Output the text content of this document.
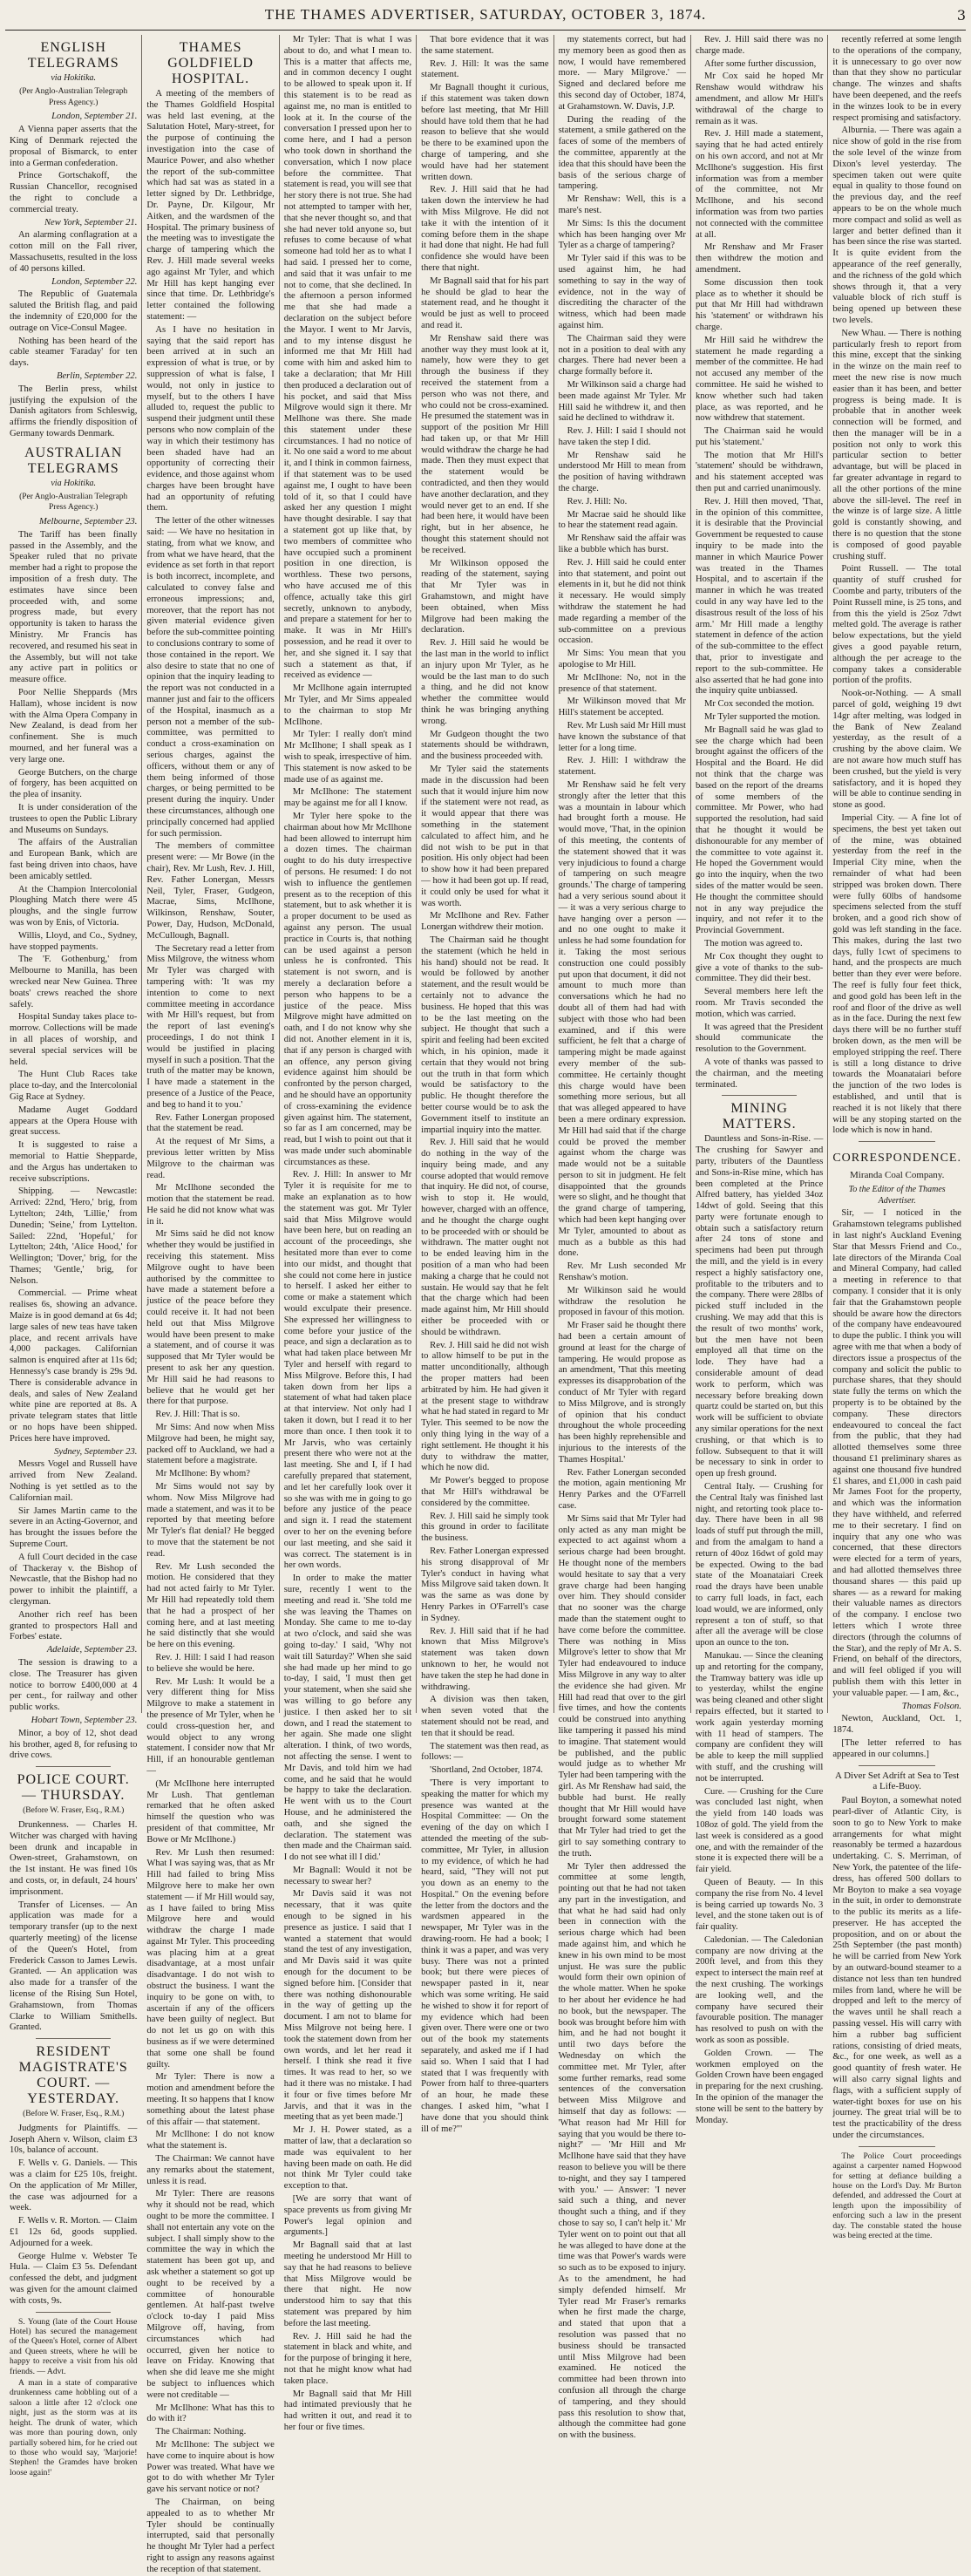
THE THAMES ADVERTISER, SATURDAY, OCTOBER 3, 1874.	3
ENGLISH TELEGRAMS
via Hokitika.
(Per Anglo-Australian Telegraph Press Agency.)
London, September 21.

A Vienna paper asserts that the King of Denmark rejected the proposal of Bismarck, to enter into a German confederation.

Prince Gortschakoff, the Russian Chancellor, recognised the right to conclude a commercial treaty.

New York, September 21.

An alarming conflagration at a cotton mill on the Fall river, Massachusetts, resulted in the loss of 40 persons killed.

London, September 22.

The Republic of Guatemala saluted the British flag, and paid the indemnity of £20,000 for the outrage on Vice-Consul Magee.

Nothing has been heard of the cable steamer 'Faraday' for ten days.

Berlin, September 22.

The Berlin press, whilst justifying the expulsion of the Danish agitators from Schleswig, affirms the friendly disposition of Germany towards Denmark.

AUSTRALIAN TELEGRAMS
via Hokitika.
(Per Anglo-Australian Telegraph Press Agency.)
Melbourne, September 23.

The Tariff has been finally passed in the Assembly, and the Speaker ruled that no private member had a right to propose the imposition of a fresh duty. The estimates have since been proceeded with, and some progress made, but every opportunity is taken to harass the Ministry. Mr Francis has recovered, and resumed his seat in the Assembly, but will not take any active part in politics or measure office.

Poor Nellie Sheppards (Mrs Hallam), whose incident is now with the Alma Opera Company in New Zealand, is dead from her confinement. She is much mourned, and her funeral was a very large one.

George Butchers, on the charge of forgery, has been acquitted on the plea of insanity.

It is under consideration of the trustees to open the Public Library and Museums on Sundays.

The affairs of the Australian and European Bank, which are fast being driven into chaos, have been amicably settled.

At the Champion Intercolonial Ploughing Match there were 45 ploughs, and the single furrow was won by Enis, of Victoria.

Willis, Lloyd, and Co., Sydney, have stopped payments.

The 'F. Gothenburg,' from Melbourne to Manilla, has been wrecked near New Guinea. Three boats' crews reached the shore safely.

Hospital Sunday takes place to-morrow. Collections will be made in all places of worship, and several special services will be held.

The Hunt Club Races take place to-day, and the Intercolonial Gig Race at Sydney.

Madame Auget Goddard appears at the Opera House with great success.

It is suggested to raise a memorial to Hattie Shepparde, and the Argus has undertaken to receive subscriptions.

Shipping. — Newcastle: Arrived: 22nd, 'Hero,' brig, from Lyttelton; 24th, 'Lillie,' from Dunedin; 'Seine,' from Lyttelton. Sailed: 22nd, 'Hopeful,' for Lyttelton; 24th, 'Alice Hood,' for Wellington; 'Dover,' brig, for the Thames; 'Gentle,' brig, for Nelson.

Commercial. — Prime wheat realises 6s, showing an advance. Maize is in good demand at 6s 4d; large sales of new teas have taken place, and recent arrivals have 4,000 packages. Californian salmon is enquired after at 11s 6d; Hennessy's case brandy is 29s 9d. There is considerable advance in deals, and sales of New Zealand white pine are reported at 8s. A private telegram states that little or no hops have been shipped. Prices here have improved.

Sydney, September 23.

Messrs Vogel and Russell have arrived from New Zealand. Nothing is yet settled as to the Californian mail.

Sir James Martin came to the severe in an Acting-Governor, and has brought the issues before the Supreme Court.

A full Court decided in the case of Thackeray v. the Bishop of Newcastle, that the Bishop had no power to inhibit the plaintiff, a clergyman.

Another rich reef has been granted to prospectors Hall and Forbes' estate.

Adelaide, September 23.

The session is drawing to a close. The Treasurer has given notice to borrow £400,000 at 4 per cent., for railway and other public works.

Hobart Town, September 23.

Minor, a boy of 12, shot dead his brother, aged 8, for refusing to drive cows.

POLICE COURT. — THURSDAY.
(Before W. Fraser, Esq., R.M.)

Drunkenness. — Charles H. Witcher was charged with having been drunk and incapable in Owen-street, Grahamstown, on the 1st instant. He was fined 10s and costs, or, in default, 24 hours' imprisonment.

Transfer of Licenses. — An application was made for a temporary transfer (up to the next quarterly meeting) of the license of the Queen's Hotel, from Frederick Casson to James Lewis. Granted. — An application was also made for a transfer of the license of the Rising Sun Hotel, Grahamstown, from Thomas Clarke to William Smithells. Granted.

RESIDENT MAGISTRATE'S COURT. — YESTERDAY.
(Before W. Fraser, Esq., R.M.)

Judgments for Plaintiffs. — Joseph Ahern v. Wilson, claim £3 10s, balance of account.

F. Wells v. G. Daniels. — This was a claim for £25 10s, freight. On the application of Mr Miller, the case was adjourned for a week.

F. Wells v. R. Morton. — Claim £1 12s 6d, goods supplied. Adjourned for a week.

George Hulme v. Webster Te Hula. — Claim £3 5s. Defendant confessed the debt, and judgment was given for the amount claimed with costs, 9s.

S. Young (late of the Court House Hotel) has secured the management of the Queen's Hotel, corner of Albert and Queen streets, where he will be happy to receive a visit from his old friends. — Advt.

A man in a state of comparative drunkenness came hobbling out of a saloon a little after 12 o'clock one night, just as the storm was at its height. The drunk of water, which was more than pouring down, only partially sobered him, for he cried out to those who would say, 'Marjorie! Stephen! the Gramdes have broken loose again!'

THAMES GOLDFIELD HOSPITAL.

A meeting of the members of the Thames Goldfield Hospital was held last evening, at the Salutation Hotel, Mary-street, for the purpose of continuing the investigation into the case of Maurice Power, and also whether the report of the sub-committee which had sat was as stated in a letter signed by Dr. Lethbridge, Dr. Payne, Dr. Kilgour, Mr Aitken, and the wardsmen of the Hospital. The primary business of the meeting was to investigate the charge of tampering which the Rev. J. Hill made several weeks ago against Mr Tyler, and which Mr Hill has kept hanging ever since that time. Dr. Lethbridge's letter contained the following statement: —

As I have no hesitation in saying that the said report has been arrived at in such an expression of what is true, or by suppression of what is false, I would, not only in justice to myself, but to the others I have alluded to, request the public to suspend their judgment until these persons who now complain of the way in which their testimony has been shaded have had an opportunity of correcting their evidence, and those against whom charges have been brought have had an opportunity of refuting them.

The letter of the other witnesses said: — We have no hesitation in stating, from what we know, and from what we have heard, that the evidence as set forth in that report is both incorrect, incomplete, and calculated to convey false and erroneous impressions; and, moreover, that the report has not given material evidence given before the sub-committee pointing to conclusions contrary to some of those contained in the report. We also desire to state that no one of opinion that the inquiry leading to the report was not conducted in a manner just and fair to the officers of the Hospital, inasmuch as a person not a member of the sub-committee, was permitted to conduct a cross-examination on serious charges, against the officers, without them or any of them being informed of those charges, or being permitted to be present during the inquiry. Under these circumstances, although one principally concerned had applied for such permission.

The members of committee present were: — Mr Bowe (in the chair), Rev. Mr Lush, Rev. J. Hill, Rev. Father Lonergan, Messrs Neil, Tyler, Fraser, Gudgeon, Macrae, Sims, McIlhone, Wilkinson, Renshaw, Souter, Power, Day, Hudson, McDonald, McCullough, Bagnall.

The Secretary read a letter from Miss Milgrove, the witness whom Mr Tyler was charged with tampering with: 'It was my intention to come to next committee meeting in accordance with Mr Hill's request, but from the report of last evening's proceedings, I do not think I would be justified in placing myself in such a position. That the truth of the matter may be known, I have made a statement in the presence of a Justice of the Peace, and beg to hand it to you.'

Rev. Father Lonergan proposed that the statement be read.

At the request of Mr Sims, a previous letter written by Miss Milgrove to the chairman was read.

Mr McIlhone seconded the motion that the statement be read. He said he did not know what was in it.

Mr Sims said he did not know whether they would be justified in receiving this statement. Miss Milgrove ought to have been authorised by the committee to have made a statement before a justice of the peace before they could receive it. It had not been held out that Miss Milgrove would have been present to make a statement, and of course it was supposed that Mr Tyler would be present to ask her any question. Mr Hill said he had reasons to believe that he would get her there for that purpose.

Rev. J. Hill: That is so.

Mr Sims: And now when Miss Milgrove had been, he might say, packed off to Auckland, we had a statement before a magistrate.

Mr McIlhone: By whom?

Mr Sims would not say by whom. Now Miss Milgrove had made a statement, and was it to be reported by that meeting before Mr Tyler's flat denial? He begged to move that the statement be not read.

Rev. Mr Lush seconded the motion. He considered that they had not acted fairly to Mr Tyler. Mr Hill had repeatedly told them that he had a prospect of her coming here, and at last meeting he said distinctly that she would be here on this evening.

Rev. J. Hill: I said I had reason to believe she would be here.

Rev. Mr Lush: It would be a very different thing for Miss Milgrove to make a statement in the presence of Mr Tyler, when he could cross-question her, and would object to any wrong statement. I consider now that Mr Hill, if an honourable gentleman —

(Mr McIlhone here interrupted Mr Lush. That gentleman remarked that he often asked himself the question who was president of that committee, Mr Bowe or Mr McIlhone.)

Rev. Mr Lush then resumed: What I was saying was, that as Mr Hill had failed to bring Miss Milgrove here to make her own statement — if Mr Hill would say, as I have failed to bring Miss Milgrove here and would withdraw the charge I made against Mr Tyler. This proceeding was placing him at a great disadvantage, at a most unfair disadvantage. I do not wish to obstruct the business. I want the inquiry to be gone on with, to ascertain if any of the officers have been guilty of neglect. But do not let us go on with this business as if we were determined that some one shall be found guilty.

Mr Tyler: There is now a motion and amendment before the meeting. It so happens that I know something about the latest phase of this affair — that statement.

Mr McIlhone: I do not know what the statement is.

The Chairman: We cannot have any remarks about the statement, unless it is read.

Mr Tyler: There are reasons why it should not be read, which ought to be more the committee. I shall not entertain any vote on the subject. I shall simply show to the committee the way in which the statement has been got up, and ask whether a statement so got up ought to be received by a committee of honourable gentlemen. At half-past twelve o'clock to-day I paid Miss Milgrove off, having, from circumstances which had occurred, given her notice to leave on Friday. Knowing that when she did leave me she might be subject to influences which were not creditable —

Mr McIlhone: What has this to do with it?

The Chairman: Nothing.

Mr McIlhone: The subject we have come to inquire about is how Power was treated. What have we got to do with whether Mr Tyler gave his servant notice or not?

The Chairman, on being appealed to as to whether Mr Tyler should be continually interrupted, said that personally he thought Mr Tyler had a perfect right to assign any reasons against the reception of that statement.

Mr Tyler: That is what I was about to do, and what I mean to. This is a matter that affects me, and in common decency I ought to be allowed to speak upon it. If this statement is to be read as against me, no man is entitled to look at it. In the course of the conversation I pressed upon her to come here, and I had a person who took down in shorthand the conversation, which I now place before the committee. That statement is read, you will see that her story there is not true. She had not attempted to tamper with her, that she never thought so, and that she had never told anyone so, but refuses to come because of what someone had told her as to what I had said. I pressed her to come, and said that it was unfair to me not to come, that she declined. In the afternoon a person informed me that she had made a declaration on the subject before the Mayor. I went to Mr Jarvis, and to my intense disgust he informed me that Mr Hill had come with him and asked him to take a declaration; that Mr Hill then produced a declaration out of his pocket, and said that Miss Milgrove would sign it there. Mr Mellhone was there. She made this statement under these circumstances. I had no notice of it. No one said a word to me about it, and I think in common fairness, if that statement was to be used against me, I ought to have been told of it, so that I could have asked her any question I might have thought desirable. I say that a statement got up like that, by two members of committee who have occupied such a prominent position in one direction, is worthless. These two persons, who have accused me of this offence, actually take this girl secretly, unknown to anybody, and prepare a statement for her to make. It was in Mr Hill's possession, and he read it over to her, and she signed it. I say that such a statement as that, if received as evidence —

Mr McIlhone again interrupted Mr Tyler, and Mr Sims appealed to the chairman to stop Mr McIlhone.

Mr Tyler: I really don't mind Mr McIlhone; I shall speak as I wish to speak, irrespective of him. This statement is now asked to be made use of as against me.

Mr McIlhone: The statement may be against me for all I know.

Mr Tyler here spoke to the chairman about how Mr McIlhone had been allowed to interrupt him a dozen times. The chairman ought to do his duty irrespective of persons. He resumed: I do not wish to influence the gentlemen present as to the reception of this statement, but to ask whether it is a proper document to be used as against any person. The usual practice in Courts is, that nothing can be used against a person unless he is confronted. This statement is not sworn, and is merely a declaration before a person who happens to be a justice of the peace. Miss Milgrove might have admitted on oath, and I do not know why she did not. Another element in it is, that if any person is charged with an offence, any person giving evidence against him should be confronted by the person charged, and he should have an opportunity of cross-examining the evidence given against him. The statement, so far as I am concerned, may be read, but I wish to point out that it was made under such abominable circumstances as these.

Rev. J. Hill: In answer to Mr Tyler it is requisite for me to make an explanation as to how the statement was got. Mr Tyler said that Miss Milgrove would have been here, but on reading an account of the proceedings, she hesitated more than ever to come into our midst, and thought that she could not come here in justice to herself. I asked her either to come or make a statement which would exculpate their presence. She expressed her willingness to come before your justice of the peace, and sign a declaration as to what had taken place between Mr Tyler and herself with regard to Miss Milgrove. Before this, I had taken down from her lips a statement of what had taken place at that interview. Not only had I taken it down, but I read it to her more than once. I then took it to Mr Jarvis, who was certainly present there who were not at the last meeting. She and I, if I had carefully prepared that statement, and let her carefully look over it so she was with me in going to go before any justice of the peace and sign it. I read the statement over to her on the evening before our last meeting, and she said it was correct. The statement is in her own words.

In order to make the matter sure, recently I went to the meeting and read it. 'She told me she was leaving the Thames on Monday. She came to me to-day at two o'clock, and said she was going to-day.' I said, 'Why not wait till Saturday?' When she said she had made up her mind to go to-day, I said, 'I must then get your statement, when she said she was willing to go before any justice. I then asked her to sit down, and I read the statement to her again. She made one slight alteration. I think, of two words, not affecting the sense. I went to Mr Davis, and told him we had come, and he said that he would be happy to take the declaration. He went with us to the Court House, and he administered the oath, and she signed the declaration. The statement was then made and the Chairman said. I do not see what ill I did.'

Mr Bagnall: Would it not be necessary to swear her?

Mr Davis said it was not necessary, that it was quite enough to be signed in his presence as justice. I said that I wanted a statement that would stand the test of any investigation, and Mr Davis said it was quite enough for the document to be signed before him. [Consider that there was nothing dishonourable in the way of getting up the document. I am not to blame for Miss Milgrove not being here. I took the statement down from her own words, and let her read it herself. I think she read it five times. It was read to her, so we had it there was no mistake. I had it four or five times before Mr Jarvis, and that it was in the meeting that as yet been made.']

Mr J. H. Power stated, as a matter of law, that a declaration so made was equivalent to her having been made on oath. He did not think Mr Tyler could take exception to that.

[We are sorry that want of space prevents us from giving Mr Power's legal opinion and arguments.]

Mr Bagnall said that at last meeting he understood Mr Hill to say that he had reasons to believe that Miss Milgrove would be there that night. He now understood him to say that this statement was prepared by him before the last meeting.

Rev. J. Hill said he had the statement in black and white, and for the purpose of bringing it here, not that he might know what had taken place.

Mr Bagnall said that Mr Hill had intimated previously that he had written it out, and read it to her four or five times.

That bore evidence that it was the same statement.

Rev. J. Hill: It was the same statement.

Mr Bagnall thought it curious, if this statement was taken down before last meeting, that Mr Hill should have told them that he had reason to believe that she would be there to be examined upon the charge of tampering, and she would have had her statement written down.

Rev. J. Hill said that he had taken down the interview he had with Miss Milgrove. He did not take it with the intention of it coming before them in the shape it had done that night. He had full confidence she would have been there that night.

Mr Bagnall said that for his part he should be glad to hear the statement read, and he thought it would be just as well to proceed and read it.

Mr Renshaw said there was another way they must look at it, namely, how were they to get through the business if they received the statement from a person who was not there, and who could not be cross-examined. He presumed the statement was in support of the position Mr Hill had taken up, or that Mr Hill would withdraw the charge he had made. Then they must expect that the statement would be contradicted, and then they would have another declaration, and they would never get to an end. If she had been here, it would have been right, but in her absence, he thought this statement should not be received.

Mr Wilkinson opposed the reading of the statement, saying that Mr Tyler was in Grahamstown, and might have been obtained, when Miss Milgrove had been making the declaration.

Rev. J. Hill said he would be the last man in the world to inflict an injury upon Mr Tyler, as he would be the last man to do such a thing, and he did not know whether the committee would think he was bringing anything wrong.

Mr Gudgeon thought the two statements should be withdrawn, and the business proceeded with.

Mr Tyler said the statements made in the discussion had been such that it would injure him now if the statement were not read, as it would appear that there was something in the statement calculated to affect him, and he did not wish to be put in that position. His only object had been to show how it had been prepared — how it had been got up. If read, it could only be used for what it was worth.

Mr McIlhone and Rev. Father Lonergan withdrew their motion.

The Chairman said he thought the statement (which he held in his hand) should not be read. It would be followed by another statement, and the result would be certainly not to advance the business. He hoped that this was to be the last meeting on the subject. He thought that such a spirit and feeling had been excited which, in his opinion, made it certain that they would not bring out the truth in that form which would be satisfactory to the public. He thought therefore the better course would be to ask the Government itself to institute an impartial inquiry into the matter.

Rev. J. Hill said that he would do nothing in the way of the inquiry being made, and any course adopted that would remove that inquiry. He did not, of course, wish to stop it. He would, however, charged with an offence, and he thought the charge ought to be proceeded with or should be withdrawn. The matter ought not to be ended leaving him in the position of a man who had been making a charge that he could not sustain. He would say that he felt that the charge which had been made against him, Mr Hill should either be proceeded with or should be withdrawn.

Rev. J. Hill said he did not wish to allow himself to be put in the matter unconditionally, although the proper matters had been arbitrated by him. He had given it at the present stage to withdraw what he had stated in regard to Mr Tyler. This seemed to be now the only thing lying in the way of a right settlement. He thought it his duty to withdraw the matter, which he now did.

Mr Power's begged to propose that Mr Hill's withdrawal be considered by the committee.

Rev. J. Hill said he simply took this ground in order to facilitate the business.

Rev. Father Lonergan expressed his strong disapproval of Mr Tyler's conduct in having what Miss Milgrove said taken down. It was the same as was done by Henry Parkes in O'Farrell's case in Sydney.

Rev. J. Hill said that if he had known that Miss Milgrove's statement was taken down unknown to her, he would not have taken the step he had done in withdrawing.

A division was then taken, when seven voted that the statement should not be read, and ten that it should be read.

The statement was then read, as follows: —

'Shortland, 2nd October, 1874.

'There is very important to speaking the matter for which my presence was wanted at the Hospital Committee: — On the evening of the day on which I attended the meeting of the sub-committee, Mr Tyler, in allusion to my evidence, of which he had heard, said, "They will not put you down as an enemy to the Hospital." On the evening before the letter from the doctors and the wardsmen appeared in the newspaper, Mr Tyler was in the drawing-room. He had a book; I think it was a paper, and was very busy. There was not a printed book; but there were pieces of newspaper pasted in it, near which was some writing. He said he wished to show it for report of my evidence which had been given over. There were one or two out of the book my statements separately, and asked me if I had said so. When I said that I had stated that I was frequently with Power from half to three-quarters of an hour, he made these changes. I asked him, "what I have done that you should think ill of me?"'

my statements correct, but had my memory been as good then as now, I would have remembered more. — Mary Milgrove.' — Signed and declared before me this second day of October, 1874, at Grahamstown. W. Davis, J.P.

During the reading of the statement, a smile gathered on the faces of some of the members of the committee, apparently at the idea that this should have been the basis of the serious charge of tampering.

Mr Renshaw: Well, this is a mare's nest.

Mr Sims: Is this the document which has been hanging over Mr Tyler as a charge of tampering?

Mr Tyler said if this was to be used against him, he had something to say in the way of evidence, not in the way of discrediting the character of the witness, which had been made against him.

The Chairman said they were not in a position to deal with any charges. There had never been a charge formally before it.

Mr Wilkinson said a charge had been made against Mr Tyler. Mr Hill said he withdrew it, and then said he declined to withdraw it.

Rev. J. Hill: I said I should not have taken the step I did.

Mr Renshaw said he understood Mr Hill to mean from the position of having withdrawn the charge.

Rev. J. Hill: No.

Mr Macrae said he should like to hear the statement read again.

Mr Renshaw said the affair was like a bubble which has burst.

Rev. J. Hill said he could enter into that statement, and point out elements in it, but he did not think it necessary. He would simply withdraw the statement he had made regarding a member of the sub-committee on a previous occasion.

Mr Sims: You mean that you apologise to Mr Hill.

Mr McIlhone: No, not in the presence of that statement.

Mr Wilkinson moved that Mr Hill's statement be accepted.

Rev. Mr Lush said Mr Hill must have known the substance of that letter for a long time.

Rev. J. Hill: I withdraw the statement.

Mr Renshaw said he felt very strongly after the letter that this was a mountain in labour which had brought forth a mouse. He would move, 'That, in the opinion of this meeting, the contents of the statement showed that it was very injudicious to found a charge of tampering on such meagre grounds.' The charge of tampering had a very serious sound about it — it was a very serious charge to have hanging over a person — and no one ought to make it unless he had some foundation for it. Taking the most serious construction one could possibly put upon that document, it did not amount to much more than conversations which he had no doubt all of them had had with subject with those who had been examined, and if this were sufficient, he felt that a charge of tampering might be made against every member of the sub-committee. He certainly thought this charge would have been something more serious, but all that was alleged appeared to have been a mere ordinary expression. Mr Hill had said that if the charge could be proved the member against whom the charge was made would not be a suitable person to sit in judgment. He felt disappointed that the grounds were so slight, and he thought that the grand charge of tampering, which had been kept hanging over Mr Tyler, amounted to about as much as a bubble as this had done.

Rev. Mr Lush seconded Mr Renshaw's motion.

Mr Wilkinson said he would withdraw the resolution he proposed in favour of this motion.

Mr Fraser said he thought there had been a certain amount of ground at least for the charge of tampering. He would propose as an amendment, 'That this meeting expresses its disapprobation of the conduct of Mr Tyler with regard to Miss Milgrove, and is strongly of opinion that his conduct throughout the whole proceeding has been highly reprehensible and injurious to the interests of the Thames Hospital.'

Rev. Father Lonergan seconded the motion, again mentioning Mr Henry Parkes and the O'Farrell case.

Mr Sims said that Mr Tyler had only acted as any man might be expected to act against whom a serious charge had been brought. He thought none of the members would hesitate to say that a very grave charge had been hanging over him. They should consider that no sooner was the charge made than the statement ought to have come before the committee. There was nothing in Miss Milgrove's letter to show that Mr Tyler had endeavoured to induce Miss Milgrove in any way to alter the evidence she had given. Mr Hill had read that over to the girl five times, and how the contents could be construed into anything like tampering it passed his mind to imagine. That statement would be published, and the public would judge as to whether Mr Tyler had been tampering with the girl. As Mr Renshaw had said, the bubble had burst. He really thought that Mr Hill would have brought forward some statement that Mr Tyler had tried to get the girl to say something contrary to the truth.

Mr Tyler then addressed the committee at some length, pointing out that he had not taken any part in the investigation, and that what he had said had only been in connection with the serious charge which had been made against him, and which he knew in his own mind to be most unjust. He was sure the public would form their own opinion of the whole matter. When he spoke to her about her evidence he had no book, but the newspaper. The book was brought before him with him, and he had not bought it until two days before the Wednesday on which the committee met. Mr Tyler, after some further remarks, read some sentences of the conversation between Miss Milgrove and himself that day as follows: — 'What reason had Mr Hill for saying that you would be there to-night?' — 'Mr Hill and Mr McIlhone have said that they have reason to believe you will be there to-night, and they say I tampered with you.' — Answer: 'I never said such a thing, and never thought such a thing, and if they chose to say so, I can't help it.' Mr Tyler went on to point out that all he was alleged to have done at the time was that Power's wards were so such as to be exposed to injury. As to the amendment, he had simply defended himself. Mr Tyler read Mr Fraser's remarks when he first made the charge, and stated that upon that a resolution was passed that no business should be transacted until Miss Milgrove had been examined. He noticed the committee had been thrown into confusion all through the charge of tampering, and they should pass this resolution to show that, although the committee had gone on with the business.

Rev. J. Hill said there was no charge made.

After some further discussion,

Mr Cox said he hoped Mr Renshaw would withdraw his amendment, and allow Mr Hill's withdrawal of the charge to remain as it was.

Rev. J. Hill made a statement, saying that he had acted entirely on his own accord, and not at Mr McIlhone's suggestion. His first information was from a member of the committee, not Mr McIlhone, and his second information was from two parties not connected with the committee at all.

Mr Renshaw and Mr Fraser then withdrew the motion and amendment.

Some discussion then took place as to whether it should be put that Mr Hill had withdrawn his 'statement' or withdrawn his charge.

Mr Hill said he withdrew the statement he made regarding a member of the committee. He had not accused any member of the committee. He said he wished to know whether such had taken place, as was reported, and he now withdrew that statement.

The Chairman said he would put his 'statement.'

The motion that Mr Hill's 'statement' should be withdrawn, and his statement accepted was then put and carried unanimously.

Rev. J. Hill then moved, 'That, in the opinion of this committee, it is desirable that the Provincial Government be requested to cause inquiry to be made into the manner in which Maurice Power was treated in the Thames Hospital, and to ascertain if the manner in which he was treated could in any way have led to the disastrous result of the loss of his arm.' Mr Hill made a lengthy statement in defence of the action of the sub-committee to the effect that, prior to investigate and report to the sub-committee. He also asserted that he had gone into the inquiry quite unbiassed.

Mr Cox seconded the motion.

Mr Tyler supported the motion.

Mr Bagnall said he was glad to see the charge which had been brought against the officers of the Hospital and the Board. He did not think that the charge was based on the report of the dreams of some members of the committee. Mr Power, who had supported the resolution, had said that he thought it would be dishonourable for any member of the committee to vote against it. He hoped the Government would go into the inquiry, when the two sides of the matter would be seen. He thought the committee should not in any way prejudice the inquiry, and not refer it to the Provincial Government.

The motion was agreed to.

Mr Cox thought they ought to give a vote of thanks to the sub-committee. They did their best.

Several members here left the room. Mr Travis seconded the motion, which was carried.

It was agreed that the President should communicate the resolution to the Government.

A vote of thanks was passed to the chairman, and the meeting terminated.

MINING MATTERS.

Dauntless and Sons-in-Rise. — The crushing for Sawyer and party, tributers of the Dauntless and Sons-in-Rise mine, which has been completed at the Prince Alfred battery, has yielded 34oz 14dwt of gold. Seeing that this party were fortunate enough to obtain such a satisfactory return after 24 tons of stone and specimens had been put through the mill, and the yield is in every respect a highly satisfactory one, profitable to the tributers and to the company. There were 28lbs of picked stuff included in the crushing. We may add that this is the result of two months' work, but the men have not been employed all that time on the lode. They have had a considerable amount of dead work to perform, which was necessary before breaking down quartz could be started on, but this work will be sufficient to obviate any similar operations for the next crushing, or that which is to follow. Subsequent to that it will be necessary to sink in order to open up fresh ground.

Central Italy. — Crushing for the Central Italy was finished last night, and retorting took place to-day. There have been in all 98 loads of stuff put through the mill, and from the amalgam to hand a return of 40oz 16dwt of gold may be expected. Owing to the bad state of the Moanataiari Creek road the drays have been unable to carry full loads, in fact, each load would, we are informed, only represent a ton of stuff, so that after all the average will be close upon an ounce to the ton.

Manukau. — Since the cleaning up and retorting for the company, the Tramway battery was idle up to yesterday, whilst the engine was being cleaned and other slight repairs effected, but it started to work again yesterday morning with 11 head of stampers. The company are confident they will be able to keep the mill supplied with stuff, and the crushing will not be interrupted.

Cure. — Crushing for the Cure was concluded last night, when the yield from 140 loads was 108oz of gold. The yield from the last week is considered as a good one, and with the remainder of the stone it is expected there will be a fair yield.

Queen of Beauty. — In this company the rise from No. 4 level is being carried up towards No. 3 level, and the stone taken out is of fair quality.

Caledonian. — The Caledonian company are now driving at the 200ft level, and from this they expect to intersect the main reef at the next crushing. The workings are looking well, and the company have secured their favourable position. The manager has resolved to push on with the work as soon as possible.

Golden Crown. — The workmen employed on the Golden Crown have been engaged in preparing for the next crushing. In the opinion of the manager the stone will be sent to the battery by Monday.

recently referred at some length to the operations of the company, it is unnecessary to go over now than that they show no particular change. The winzes and shafts have been deepened, and the reefs in the winzes look to be in every respect promising and satisfactory.

Alburnia. — There was again a nice show of gold in the rise from the sole level of the winze from Dixon's level yesterday. The specimen taken out were quite equal in quality to those found on the previous day, and the reef appears to be on the whole much more compact and solid as well as larger and better defined than it has been since the rise was started. It is quite evident from the appearance of the reef generally, and the richness of the gold which shows through it, that a very valuable block of rich stuff is being opened up between these two levels.

New Whau. — There is nothing particularly fresh to report from this mine, except that the sinking in the winze on the main reef to meet the new rise is now much easier than it has been, and better progress is being made. It is probable that in another week connection will be formed, and then the manager will be in a position not only to work this particular section to better advantage, but will be placed in far greater advantage in regard to all the other portions of the mine above the sill-level. The reef in the winze is of large size. A little gold is constantly showing, and there is no question that the stone is composed of good payable crushing stuff.

Point Russell. — The total quantity of stuff crushed for Coombe and party, tributers of the Point Russell mine, is 25 tons, and from this the yield is 25oz 7dwt melted gold. The average is rather below expectations, but the yield gives a good payable return, although the per acreage to the company takes a considerable portion of the profits.

Nook-or-Nothing. — A small parcel of gold, weighing 19 dwt 14gr after melting, was lodged in the Bank of New Zealand yesterday, as the result of a crushing by the above claim. We are not aware how much stuff has been crushed, but the yield is very satisfactory, and it is hoped they will be able to continue sending in stone as good.

Imperial City. — A fine lot of specimens, the best yet taken out of the mine, was obtained yesterday from the reef in the Imperial City mine, when the remainder of what had been stripped was broken down. There were fully 60lbs of handsome specimens selected from the stuff broken, and a good rich show of gold was left standing in the face. This makes, during the last two days, fully 1cwt of specimens to hand, and the prospects are much better than they ever were before. The reef is fully four feet thick, and good gold has been left in the roof and floor of the drive as well as in the face. During the next few days there will be no further stuff broken down, as the men will be employed stripping the reef. There is still a long distance to drive towards the Moanataiari before the junction of the two lodes is established, and until that is reached it is not likely that there will be any stoping started on the lode which is now in hand.

CORRESPONDENCE.
Miranda Coal Company.
To the Editor of the Thames Advertiser.

Sir, — I noticed in the Grahamstown telegrams published in last night's Auckland Evening Star that Messrs Friend and Co., late directors of the Miranda Coal and Mineral Company, had called a meeting in reference to that company. I consider that it is only fair that the Grahamstown people should be aware how the directors of the company have endeavoured to dupe the public. I think you will agree with me that when a body of directors issue a prospectus of the company and solicit the public to purchase shares, that they should state fully the terms on which the property is to be obtained by the company. These directors endeavoured to conceal the fact from the public, that they had allotted themselves some three thousand £1 preliminary shares as against one thousand five hundred £1 shares, and £1,000 in cash paid Mr James Foot for the property, and which was the information they have withheld, and referred me to their secretary. I find on inquiry that any one who was concerned, that these directors were elected for a term of years, and had allotted themselves three thousand shares — this paid up shares — as a reward for making their valuable names as directors of the company. I enclose two letters which I wrote three directors (through the columns of the Star), and the reply of Mr A. S. Friend, on behalf of the directors, and will feel obliged if you will publish them with this letter in your valuable paper. — I am, &c.,

Thomas Folson.

Newton, Auckland, Oct. 1, 1874.

[The letter referred to has appeared in our columns.]

A Diver Set Adrift at Sea to Test a Life-Buoy.

Paul Boyton, a somewhat noted pearl-diver of Atlantic City, is soon to go to New York to make arrangements for what might reasonably be termed a hazardous undertaking. C. S. Merriman, of New York, the patentee of the life-dress, has offered 500 dollars to Mr Boyton to make a sea voyage in the suit, in order to demonstrate to the public its merits as a life-preserver. He has accepted the proposition, and on or about the 25th September (the past month) he will be carried from New York by an outward-bound steamer to a distance not less than ten hundred miles from land, where he will be dropped and left to the mercy of the waves until he shall reach a passing vessel. His will carry with him a rubber bag sufficient rations, consisting of dried meats, &c., for one week, as well as a good quantity of fresh water. He will also carry signal lights and flags, with a sufficient supply of water-tight boxes for use on his journey. The great trial will be to test the practicability of the dress under the circumstances.

The Police Court proceedings against a carpenter named Hopwood for setting at defiance building a house on the Lord's Day. Mr Burton defended, and addressed the Court at length upon the impossibility of enforcing such a law in the present day. The constable stated the house was being erected at the time.
